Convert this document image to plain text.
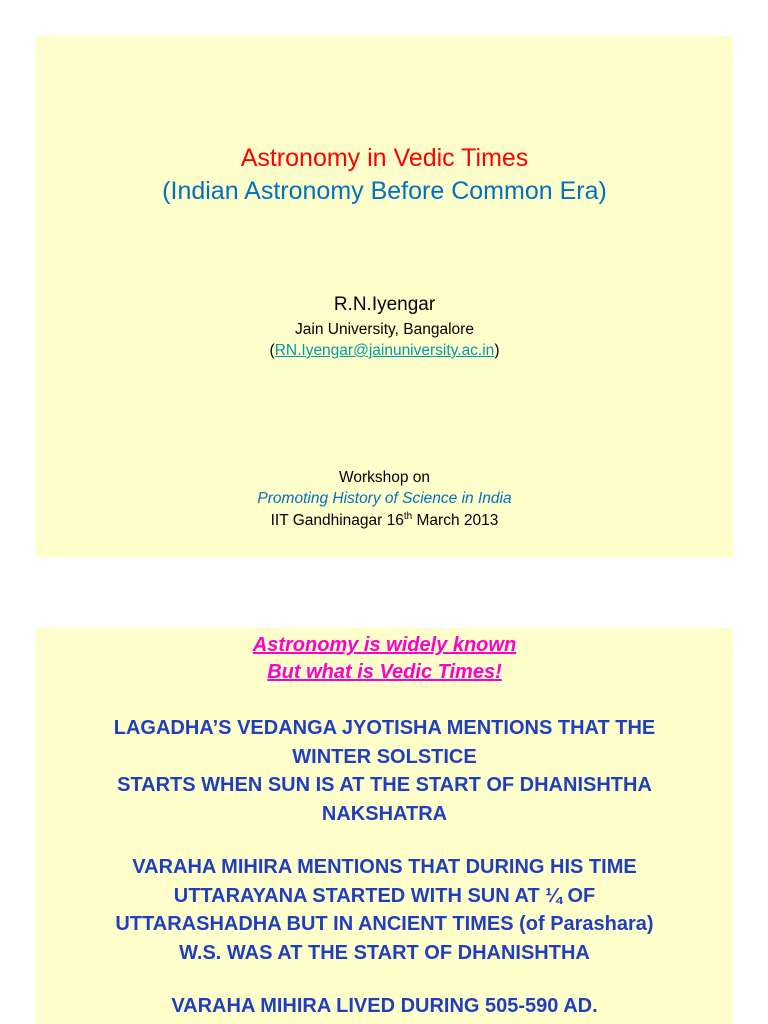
Astronomy in Vedic Times

(Indian Astronomy Before Common Era)

R.N.Iyengar

Jain University, Bangalore

(RN.Iyengar@jainuniversity.ac.in)

Workshop on

Promoting History of Science in India

IIT Gandhinagar 16th March 2013

Astronomy is widely known
But what is Vedic Times!
LAGADHA’S VEDANGA JYOTISHA MENTIONS THAT THE
WINTER SOLSTICE
STARTS WHEN SUN IS AT THE START OF DHANISHTHA
NAKSHATRA
VARAHA MIHIRA MENTIONS THAT DURING HIS TIME
UTTARAYANA STARTED WITH SUN AT ¼ OF
UTTARASHADHA BUT IN ANCIENT TIMES (of Parashara)
W.S. WAS AT THE START OF DHANISHTHA
VARAHA MIHIRA LIVED DURING 505-590 AD.
